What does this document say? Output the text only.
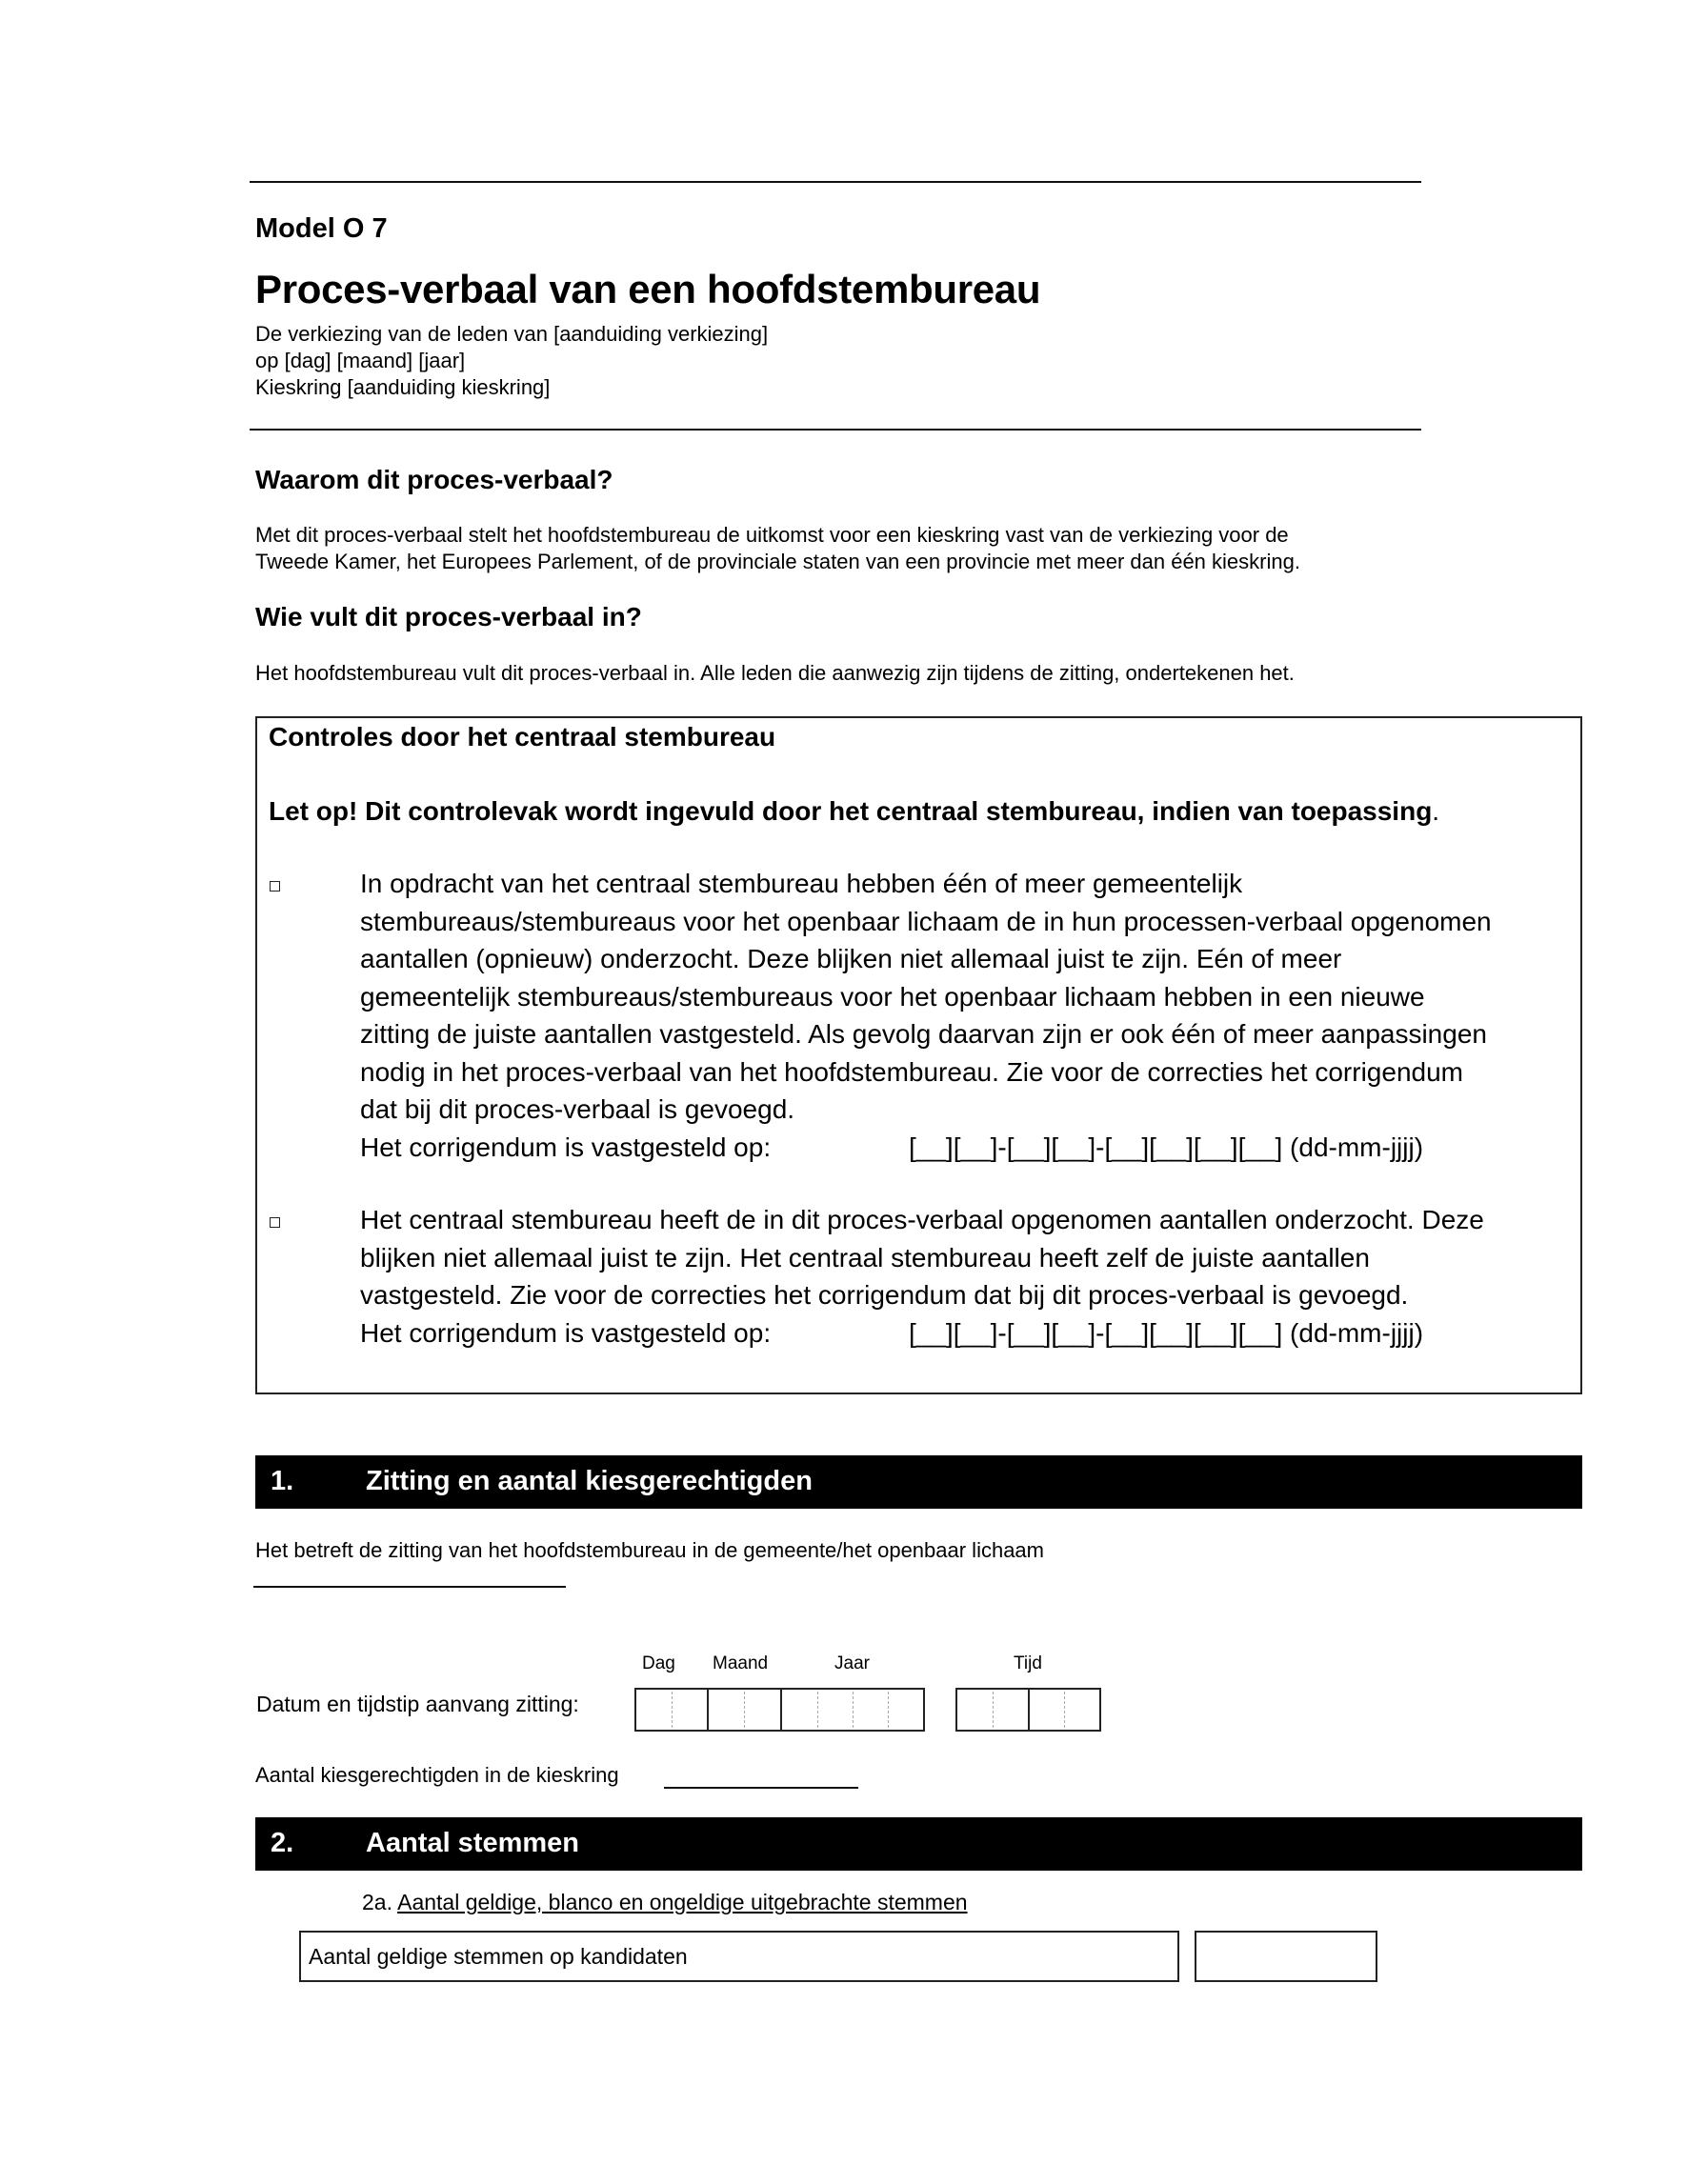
Model O 7
Proces-verbaal van een hoofdstembureau
De verkiezing van de leden van [aanduiding verkiezing]
op [dag] [maand] [jaar]
Kieskring [aanduiding kieskring]
Waarom dit proces-verbaal?
Met dit proces-verbaal stelt het hoofdstembureau de uitkomst voor een kieskring vast van de verkiezing voor de
Tweede Kamer, het Europees Parlement, of de provinciale staten van een provincie met meer dan één kieskring.
Wie vult dit proces-verbaal in?
Het hoofdstembureau vult dit proces-verbaal in. Alle leden die aanwezig zijn tijdens de zitting, ondertekenen het.
Controles door het centraal stembureau
Let op! Dit controlevak wordt ingevuld door het centraal stembureau, indien van toepassing.
In opdracht van het centraal stembureau hebben één of meer gemeentelijk
stembureaus/stembureaus voor het openbaar lichaam de in hun processen-verbaal opgenomen
aantallen (opnieuw) onderzocht. Deze blijken niet allemaal juist te zijn. Eén of meer
gemeentelijk stembureaus/stembureaus voor het openbaar lichaam hebben in een nieuwe
zitting de juiste aantallen vastgesteld. Als gevolg daarvan zijn er ook één of meer aanpassingen
nodig in het proces-verbaal van het hoofdstembureau. Zie voor de correcties het corrigendum
dat bij dit proces-verbaal is gevoegd.
Het corrigendum is vastgesteld op:	[__][__]-[__][__]-[__][__][__][__] (dd-mm-jjjj)
Het centraal stembureau heeft de in dit proces-verbaal opgenomen aantallen onderzocht. Deze
blijken niet allemaal juist te zijn. Het centraal stembureau heeft zelf de juiste aantallen
vastgesteld. Zie voor de correcties het corrigendum dat bij dit proces-verbaal is gevoegd.
Het corrigendum is vastgesteld op:	[__][__]-[__][__]-[__][__][__][__] (dd-mm-jjjj)
1.	Zitting en aantal kiesgerechtigden
Het betreft de zitting van het hoofdstembureau in de gemeente/het openbaar lichaam
Dag Maand	Jaar	Tijd
Datum en tijdstip aanvang zitting:
Aantal kiesgerechtigden in de kieskring
2.	Aantal stemmen
2a. Aantal geldige, blanco en ongeldige uitgebrachte stemmen
Aantal geldige stemmen op kandidaten
